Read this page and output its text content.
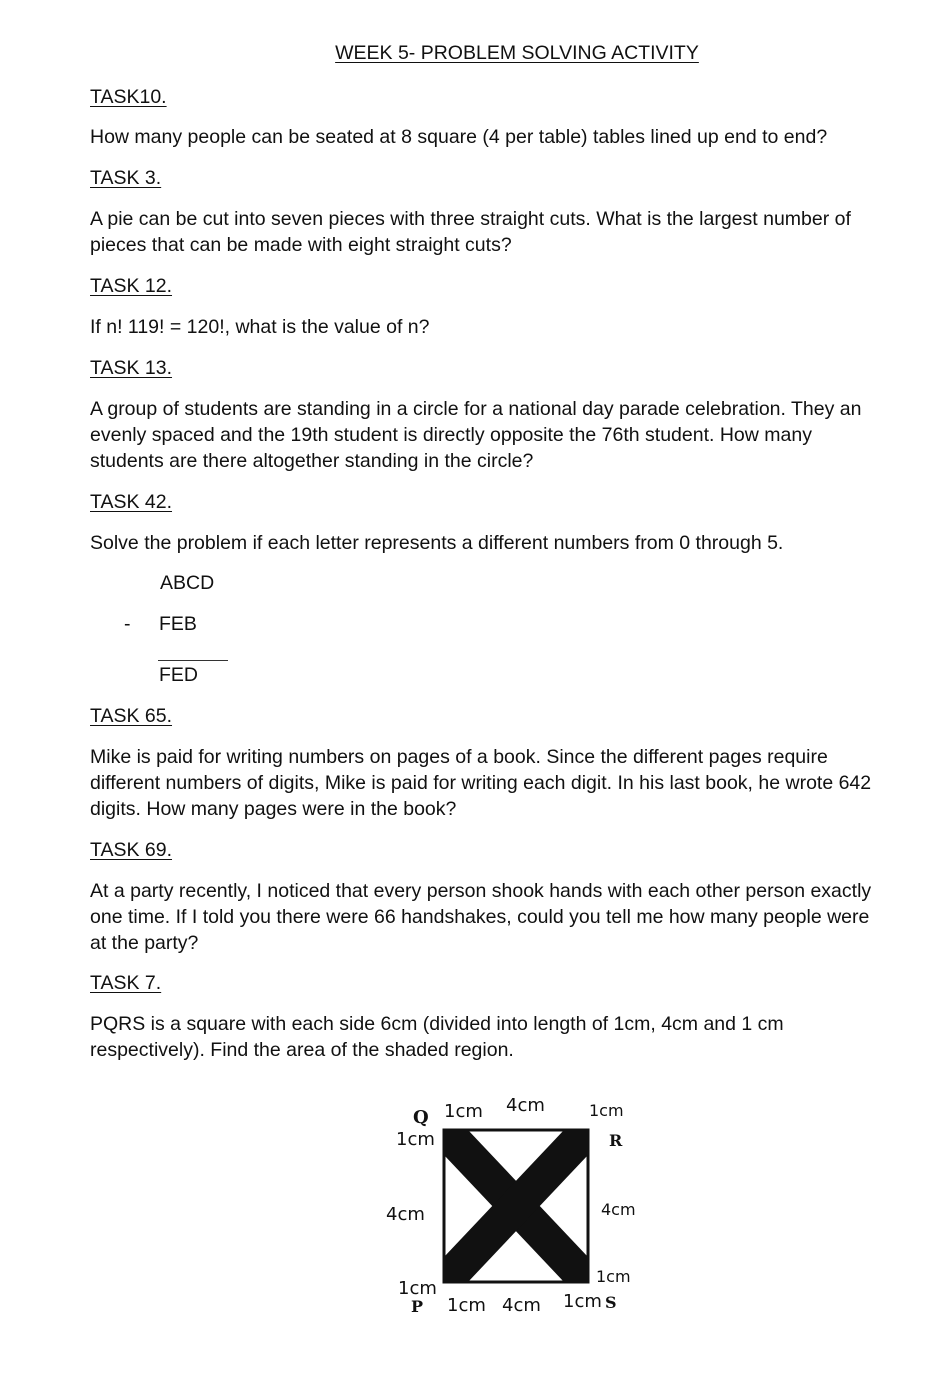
WEEK 5- PROBLEM SOLVING ACTIVITY
TASK10.
How many people can be seated at 8 square (4 per table) tables lined up end to end?
TASK 3.
A pie can be cut into seven pieces with three straight cuts. What is the largest number of
pieces that can be made with eight straight cuts?
TASK 12.
If n! 119! = 120!, what is the value of n?
TASK 13.
A group of students are standing in a circle for a national day parade celebration. They an
evenly spaced and the 19th student is directly opposite the 76th student. How many
students are there altogether standing in the circle?
TASK 42.
Solve the problem if each letter represents a different numbers from 0 through 5.
ABCD
- FEB
FED
TASK 65.
Mike is paid for writing numbers on pages of a book. Since the different pages require
different numbers of digits, Mike is paid for writing each digit. In his last book, he wrote 642
digits. How many pages were in the book?
TASK 69.
At a party recently, I noticed that every person shook hands with each other person exactly
one time. If I told you there were 66 handshakes, could you tell me how many people were
at the party?
TASK 7.
PQRS is a square with each side 6cm (divided into length of 1cm, 4cm and 1 cm
respectively). Find the area of the shaded region.
Q
R
P	S
1cm 4cm	1cm
1cm
4cm
1cm
4cm
1cm
1cm 4cm 1cm
